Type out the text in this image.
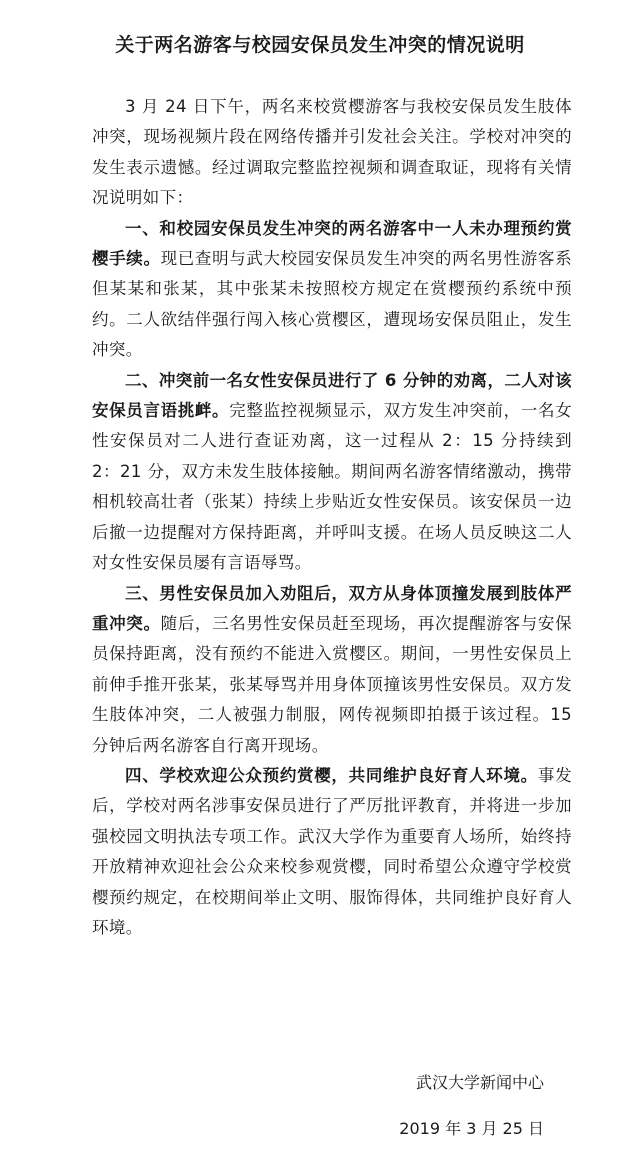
关于两名游客与校园安保员发生冲突的情况说明

3 月 24 日下午，两名来校赏樱游客与我校安保员发生肢体冲突，现场视频片段在网络传播并引发社会关注。学校对冲突的发生表示遗憾。经过调取完整监控视频和调查取证，现将有关情况说明如下：

一、和校园安保员发生冲突的两名游客中一人未办理预约赏樱手续。现已查明与武大校园安保员发生冲突的两名男性游客系但某某和张某，其中张某未按照校方规定在赏樱预约系统中预约。二人欲结伴强行闯入核心赏樱区，遭现场安保员阻止，发生冲突。

二、冲突前一名女性安保员进行了 6 分钟的劝离，二人对该安保员言语挑衅。完整监控视频显示，双方发生冲突前，一名女性安保员对二人进行查证劝离，这一过程从 2：15 分持续到 2：21 分，双方未发生肢体接触。期间两名游客情绪激动，携带相机较高壮者（张某）持续上步贴近女性安保员。该安保员一边后撤一边提醒对方保持距离，并呼叫支援。在场人员反映这二人对女性安保员屡有言语辱骂。

三、男性安保员加入劝阻后，双方从身体顶撞发展到肢体严重冲突。随后，三名男性安保员赶至现场，再次提醒游客与安保员保持距离，没有预约不能进入赏樱区。期间，一男性安保员上前伸手推开张某，张某辱骂并用身体顶撞该男性安保员。双方发生肢体冲突，二人被强力制服，网传视频即拍摄于该过程。15 分钟后两名游客自行离开现场。

四、学校欢迎公众预约赏樱，共同维护良好育人环境。事发后，学校对两名涉事安保员进行了严厉批评教育，并将进一步加强校园文明执法专项工作。武汉大学作为重要育人场所，始终持开放精神欢迎社会公众来校参观赏樱，同时希望公众遵守学校赏樱预约规定，在校期间举止文明、服饰得体，共同维护良好育人环境。

武汉大学新闻中心
2019 年 3 月 25 日
